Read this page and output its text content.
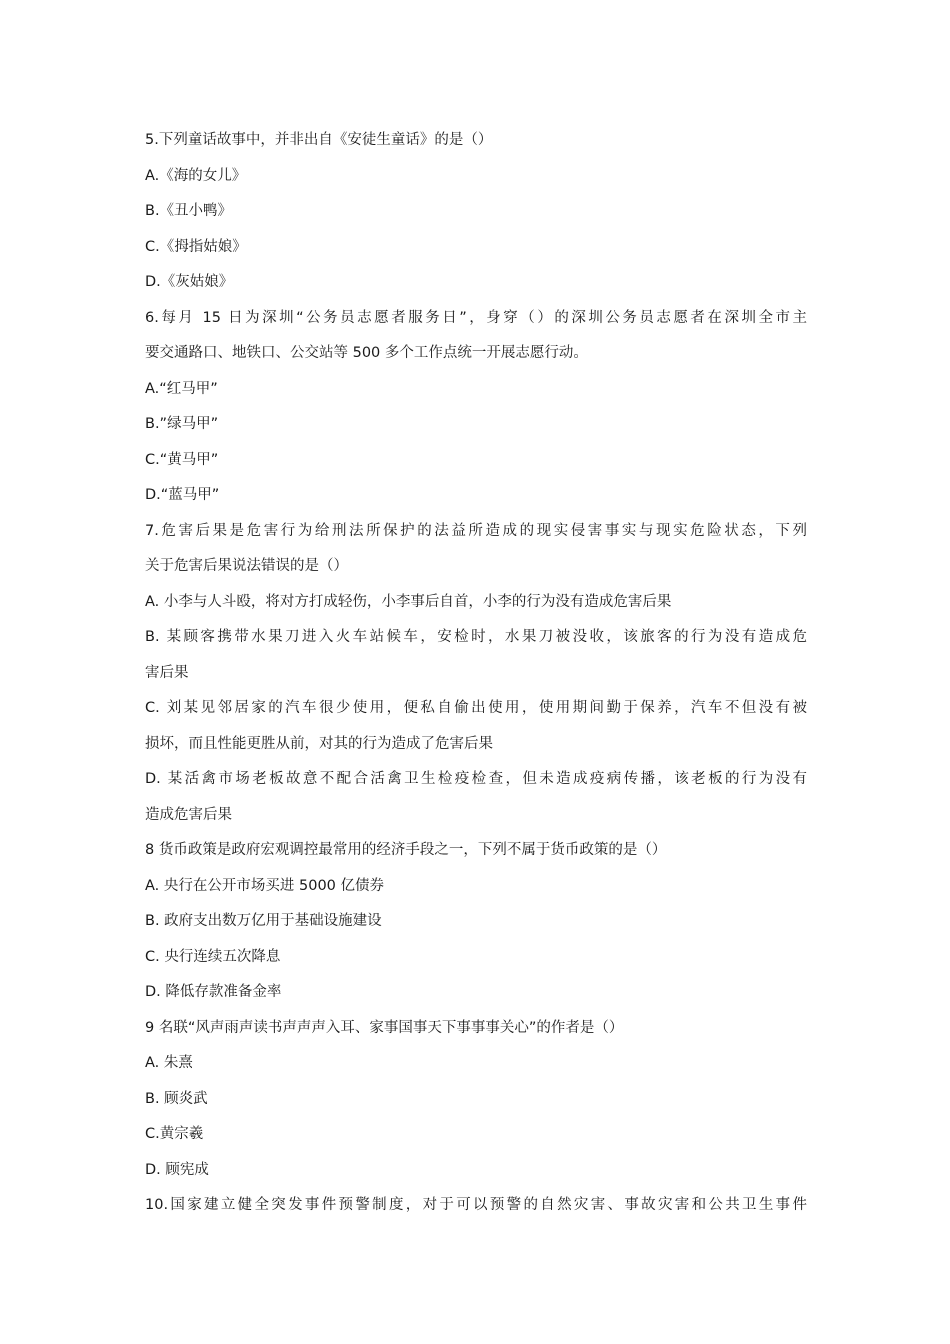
5.下列童话故事中，并非出自《安徒生童话》的是（）
A.《海的女儿》
B.《丑小鸭》
C.《拇指姑娘》
D.《灰姑娘》
6.每月 15 日为深圳“公务员志愿者服务日”，身穿（）的深圳公务员志愿者在深圳全市主
要交通路口、地铁口、公交站等 500 多个工作点统一开展志愿行动。
A.“红马甲”
B.”绿马甲”
C.“黄马甲”
D.“蓝马甲”
7.危害后果是危害行为给刑法所保护的法益所造成的现实侵害事实与现实危险状态，下列
关于危害后果说法错误的是（）
A. 小李与人斗殴，将对方打成轻伤，小李事后自首，小李的行为没有造成危害后果
B. 某顾客携带水果刀进入火车站候车，安检时，水果刀被没收，该旅客的行为没有造成危
害后果
C. 刘某见邻居家的汽车很少使用，便私自偷出使用，使用期间勤于保养，汽车不但没有被
损坏，而且性能更胜从前，对其的行为造成了危害后果
D. 某活禽市场老板故意不配合活禽卫生检疫检查，但未造成疫病传播，该老板的行为没有
造成危害后果
8 货币政策是政府宏观调控最常用的经济手段之一，下列不属于货币政策的是（）
A. 央行在公开市场买进 5000 亿债券
B. 政府支出数万亿用于基础设施建设
C. 央行连续五次降息
D. 降低存款准备金率
9 名联“风声雨声读书声声声入耳、家事国事天下事事事关心”的作者是（）
A. 朱熹
B. 顾炎武
C.黄宗羲
D. 顾宪成
10.国家建立健全突发事件预警制度，对于可以预警的自然灾害、事故灾害和公共卫生事件
